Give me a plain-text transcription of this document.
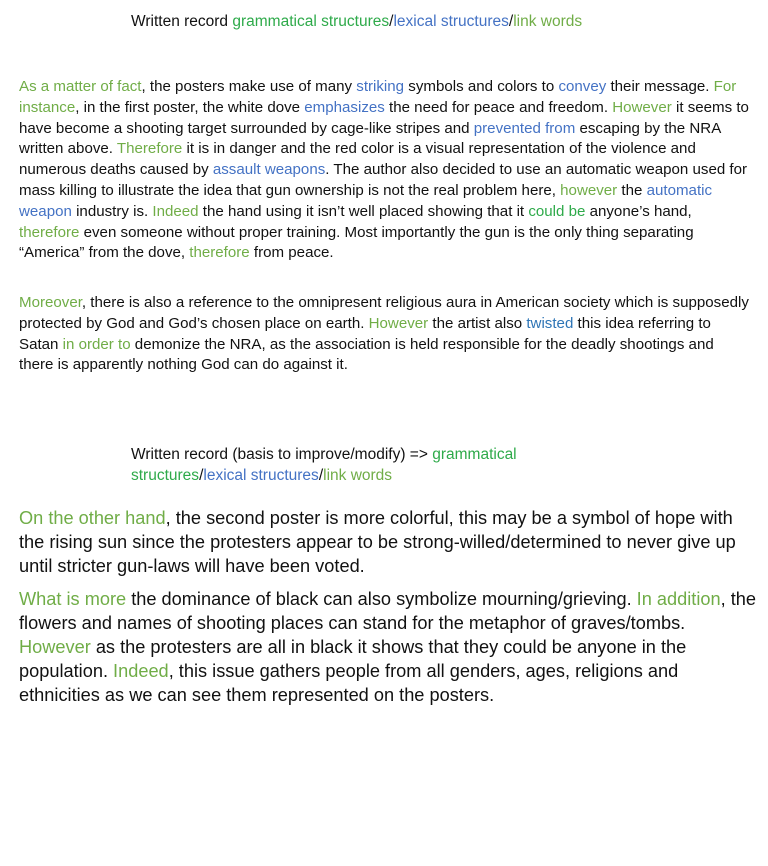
Written record grammatical structures/lexical structures/link words

As a matter of fact, the posters make use of many striking symbols and colors to convey their message. For instance, in the first poster, the white dove emphasizes the need for peace and freedom. However it seems to have become a shooting target surrounded by cage-like stripes and prevented from escaping by the NRA written above. Therefore it is in danger and the red color is a visual representation of the violence and numerous deaths caused by assault weapons. The author also decided to use an automatic weapon used for mass killing to illustrate the idea that gun ownership is not the real problem here, however the automatic weapon industry is. Indeed the hand using it isn’t well placed showing that it could be anyone’s hand, therefore even someone without proper training. Most importantly the gun is the only thing separating “America” from the dove, therefore from peace.

Moreover, there is also a reference to the omnipresent religious aura in American society which is supposedly protected by God and God’s chosen place on earth. However the artist also twisted this idea referring to Satan in order to demonize the NRA, as the association is held responsible for the deadly shootings and there is apparently nothing God can do against it.

Written record (basis to improve/modify) => grammatical structures/lexical structures/link words

On the other hand, the second poster is more colorful, this may be a symbol of hope with the rising sun since the protesters appear to be strong-willed/determined to never give up until stricter gun-laws will have been voted.

What is more the dominance of black can also symbolize mourning/grieving. In addition, the flowers and names of shooting places can stand for the metaphor of graves/tombs. However as the protesters are all in black it shows that they could be anyone in the population. Indeed, this issue gathers people from all genders, ages, religions and ethnicities as we can see them represented on the posters.
